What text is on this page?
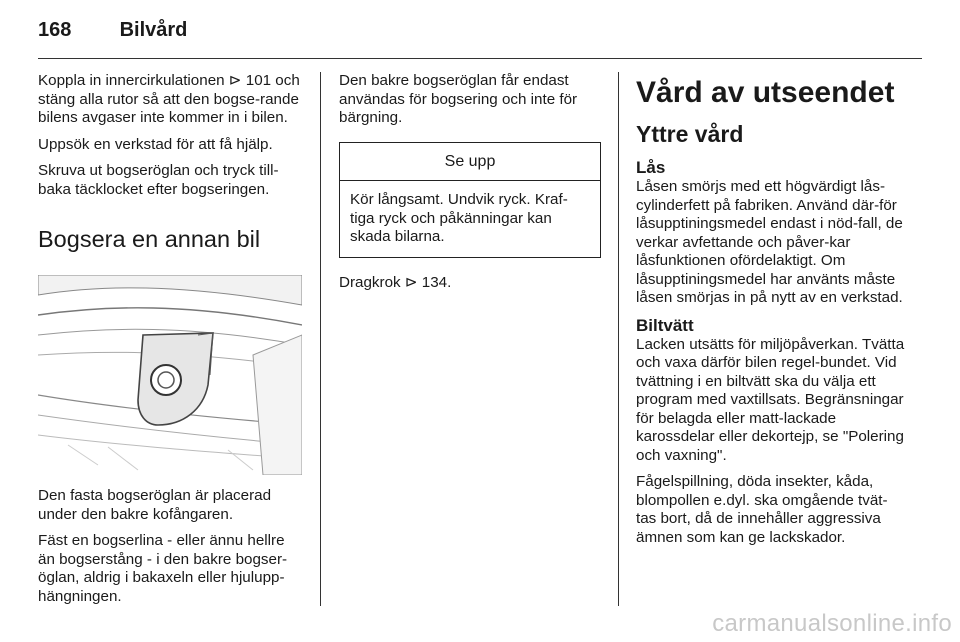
168 Bilvård

Koppla in innercirkulationen ⊳ 101 och stäng alla rutor så att den bogse-rande bilens avgaser inte kommer in i bilen.

Uppsök en verkstad för att få hjälp.

Skruva ut bogseröglan och tryck till-baka täcklocket efter bogseringen.

Bogsera en annan bil

Den fasta bogseröglan är placerad under den bakre kofångaren.

Fäst en bogserlina - eller ännu hellre än bogserstång - i den bakre bogser-öglan, aldrig i bakaxeln eller hjulupp-hängningen.

Den bakre bogseröglan får endast användas för bogsering och inte för bärgning.

Se upp
Kör långsamt. Undvik ryck. Kraf-tiga ryck och påkänningar kan skada bilarna.

Dragkrok ⊳ 134.

Vård av utseendet
Yttre vård
Lås

Låsen smörjs med ett högvärdigt lås-cylinderfett på fabriken. Använd där-för låsupptiningsmedel endast i nöd-fall, de verkar avfettande och påver-kar låsfunktionen ofördelaktigt. Om låsupptiningsmedel har använts måste låsen smörjas in på nytt av en verkstad.

Biltvätt

Lacken utsätts för miljöpåverkan. Tvätta och vaxa därför bilen regel-bundet. Vid tvättning i en biltvätt ska du välja ett program med vaxtillsats. Begränsningar för belagda eller matt-lackade karossdelar eller dekortejp, se "Polering och vaxning".

Fågelspillning, döda insekter, kåda, blompollen e.dyl. ska omgående tvät-tas bort, då de innehåller aggressiva ämnen som kan ge lackskador.

carmanualsonline.info
